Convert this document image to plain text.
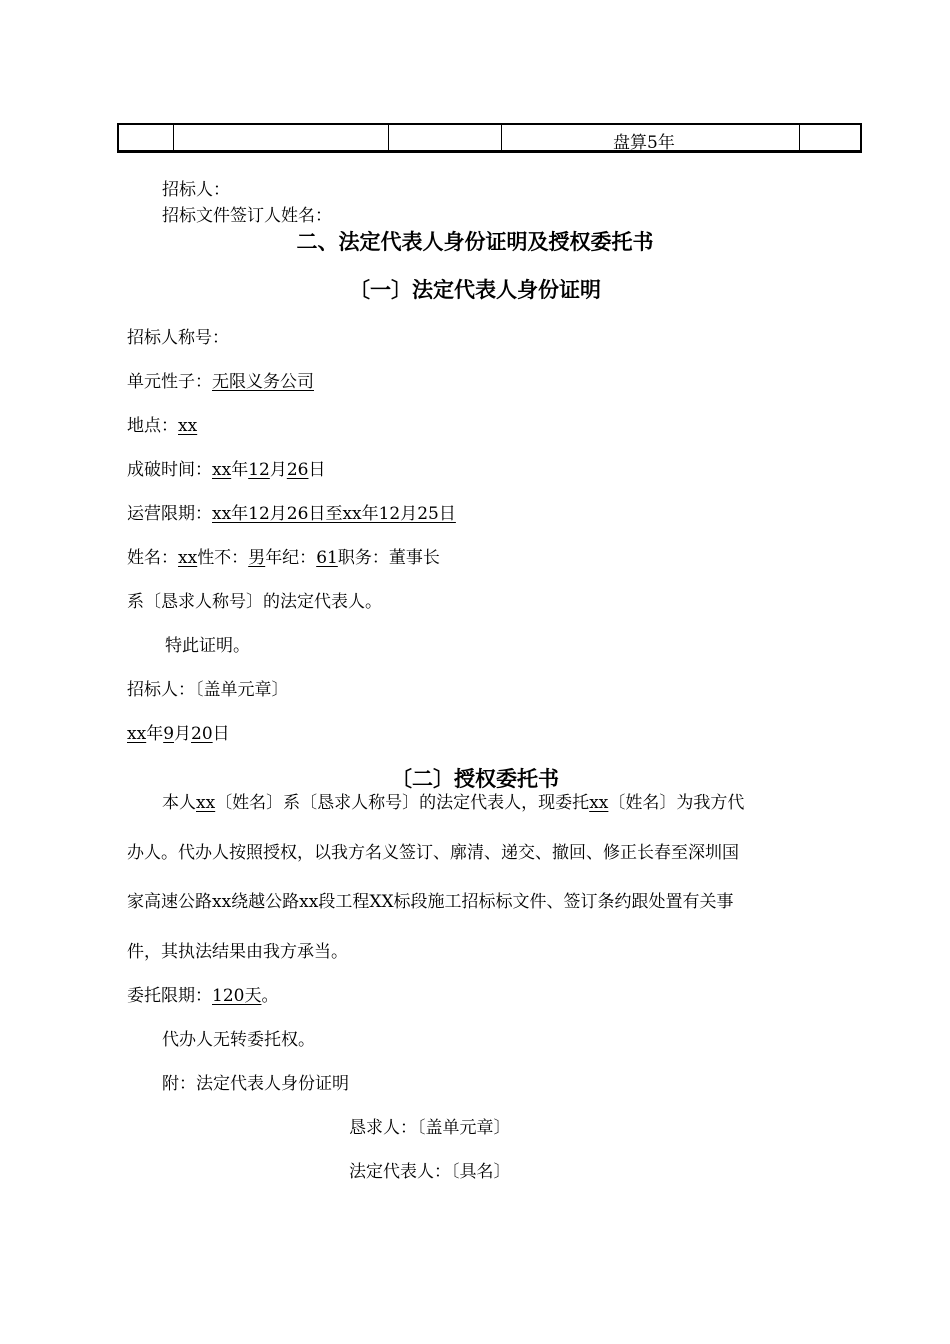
盘算5年
招标人：
招标文件签订人姓名：
二、法定代表人身份证明及授权委托书
〔一〕法定代表人身份证明
招标人称号：
单元性子：无限义务公司
地点：xx
成破时间：xx年12月26日
运营限期：xx年12月26日至xx年12月25日
姓名：xx性不：男年纪：61职务：董事长
系〔恳求人称号〕的法定代表人。
特此证明。
招标人：〔盖单元章〕
xx年9月20日
〔二〕授权委托书
本人xx〔姓名〕系〔恳求人称号〕的法定代表人，现委托xx〔姓名〕为我方代
办人。代办人按照授权，以我方名义签订、廓清、递交、撤回、修正长春至深圳国
家高速公路xx绕越公路xx段工程XX标段施工招标标文件、签订条约跟处置有关事
件，其执法结果由我方承当。
委托限期：120天。
代办人无转委托权。
附：法定代表人身份证明
恳求人：〔盖单元章〕
法定代表人：〔具名〕
